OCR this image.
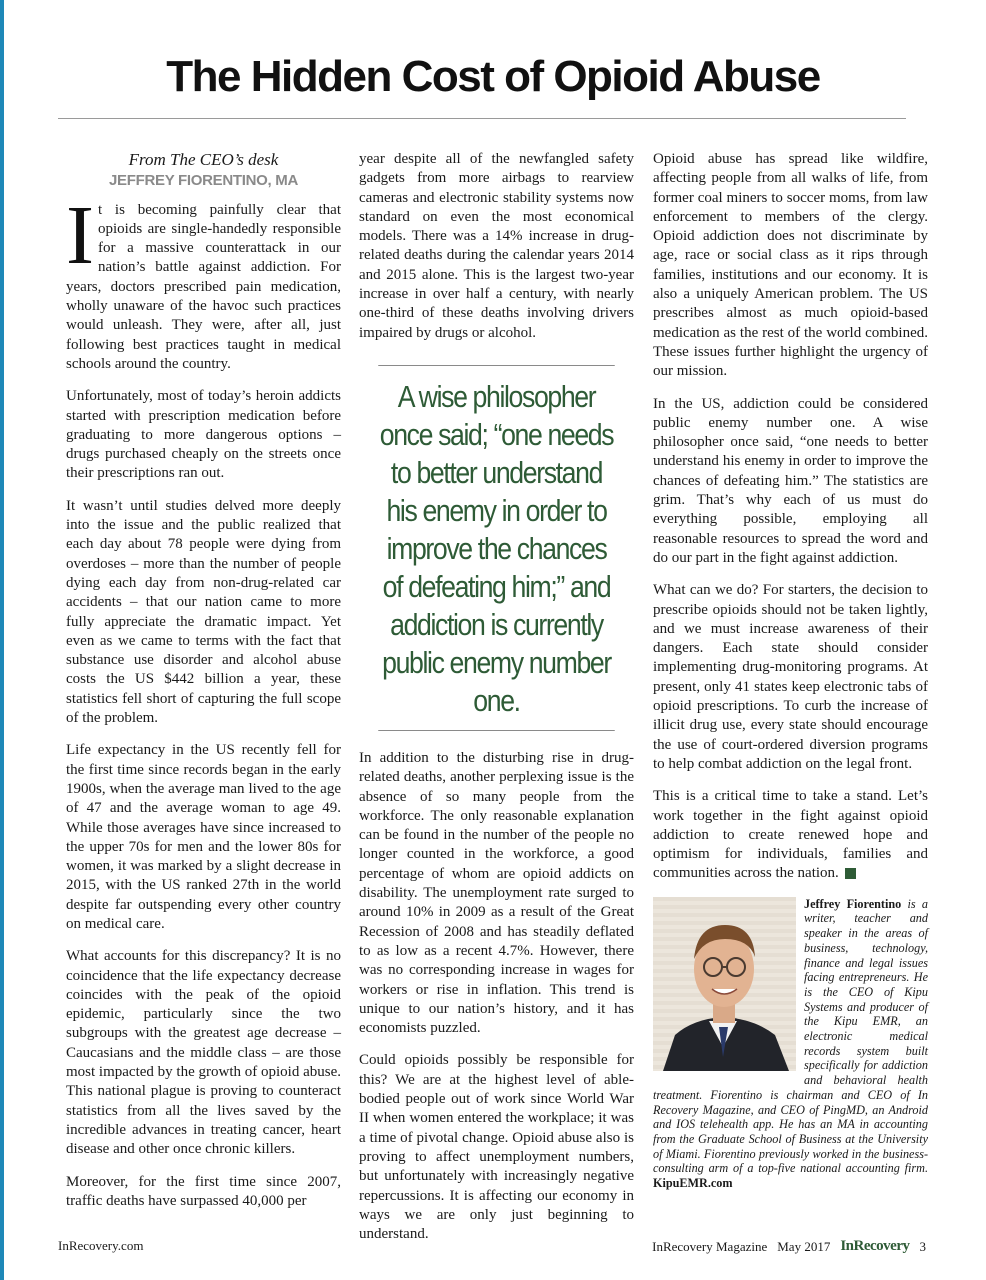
The Hidden Cost of Opioid Abuse
From The CEO’s desk
JEFFREY FIORENTINO, MA

It is becoming painfully clear that opioids are single-handedly responsible for a massive counterattack in our nation’s battle against addiction. For years, doctors prescribed pain medication, wholly unaware of the havoc such practices would unleash. They were, after all, just following best practices taught in medical schools around the country.

Unfortunately, most of today’s heroin addicts started with prescription medication before graduating to more dangerous options – drugs purchased cheaply on the streets once their prescriptions ran out.

It wasn’t until studies delved more deeply into the issue and the public realized that each day about 78 people were dying from overdoses – more than the number of people dying each day from non-drug-related car accidents – that our nation came to more fully appreciate the dramatic impact. Yet even as we came to terms with the fact that substance use disorder and alcohol abuse costs the US $442 billion a year, these statistics fell short of capturing the full scope of the problem.

Life expectancy in the US recently fell for the first time since records began in the early 1900s, when the average man lived to the age of 47 and the average woman to age 49. While those averages have since increased to the upper 70s for men and the lower 80s for women, it was marked by a slight decrease in 2015, with the US ranked 27th in the world despite far outspending every other country on medical care.

What accounts for this discrepancy? It is no coincidence that the life expectancy decrease coincides with the peak of the opioid epidemic, particularly since the two subgroups with the greatest age decrease – Caucasians and the middle class – are those most impacted by the growth of opioid abuse. This national plague is proving to counteract statistics from all the lives saved by the incredible advances in treating cancer, heart disease and other once chronic killers.

Moreover, for the first time since 2007, traffic deaths have surpassed 40,000 per

year despite all of the newfangled safety gadgets from more airbags to rearview cameras and electronic stability systems now standard on even the most economical models. There was a 14% increase in drug-related deaths during the calendar years 2014 and 2015 alone. This is the largest two-year increase in over half a century, with nearly one-third of these deaths involving drivers impaired by drugs or alcohol.

A wise philosopher once said; “one needs to better understand his enemy in order to improve the chances of defeating him;” and addiction is currently public enemy number one.

In addition to the disturbing rise in drug-related deaths, another perplexing issue is the absence of so many people from the workforce. The only reasonable explanation can be found in the number of the people no longer counted in the workforce, a good percentage of whom are opioid addicts on disability. The unemployment rate surged to around 10% in 2009 as a result of the Great Recession of 2008 and has steadily deflated to as low as a recent 4.7%. However, there was no corresponding increase in wages for workers or rise in inflation. This trend is unique to our nation’s history, and it has economists puzzled.

Could opioids possibly be responsible for this? We are at the highest level of able-bodied people out of work since World War II when women entered the workplace; it was a time of pivotal change. Opioid abuse also is proving to affect unemployment numbers, but unfortunately with increasingly negative repercussions. It is affecting our economy in ways we are only just beginning to understand.

Opioid abuse has spread like wildfire, affecting people from all walks of life, from former coal miners to soccer moms, from law enforcement to members of the clergy. Opioid addiction does not discriminate by age, race or social class as it rips through families, institutions and our economy. It is also a uniquely American problem. The US prescribes almost as much opioid-based medication as the rest of the world combined. These issues further highlight the urgency of our mission.

In the US, addiction could be considered public enemy number one. A wise philosopher once said, “one needs to better understand his enemy in order to improve the chances of defeating him.” The statistics are grim. That’s why each of us must do everything possible, employing all reasonable resources to spread the word and do our part in the fight against addiction.

What can we do? For starters, the decision to prescribe opioids should not be taken lightly, and we must increase awareness of their dangers. Each state should consider implementing drug-monitoring programs. At present, only 41 states keep electronic tabs of opioid prescriptions. To curb the increase of illicit drug use, every state should encourage the use of court-ordered diversion programs to help combat addiction on the legal front.

This is a critical time to take a stand. Let’s work together in the fight against opioid addiction to create renewed hope and optimism for individuals, families and communities across the nation.

Jeffrey Fiorentino is a writer, teacher and speaker in the areas of business, technology, finance and legal issues facing entrepreneurs. He is the CEO of Kipu Systems and producer of the Kipu EMR, an electronic medical records system built specifically for addiction and behavioral health treatment. Fiorentino is chairman and CEO of In Recovery Magazine, and CEO of PingMD, an Android and IOS telehealth app. He has an MA in accounting from the Graduate School of Business at the University of Miami. Fiorentino previously worked in the business-consulting arm of a top-five national accounting firm. KipuEMR.com
InRecovery.com	InRecovery Magazine May 2017 InRecovery 3
